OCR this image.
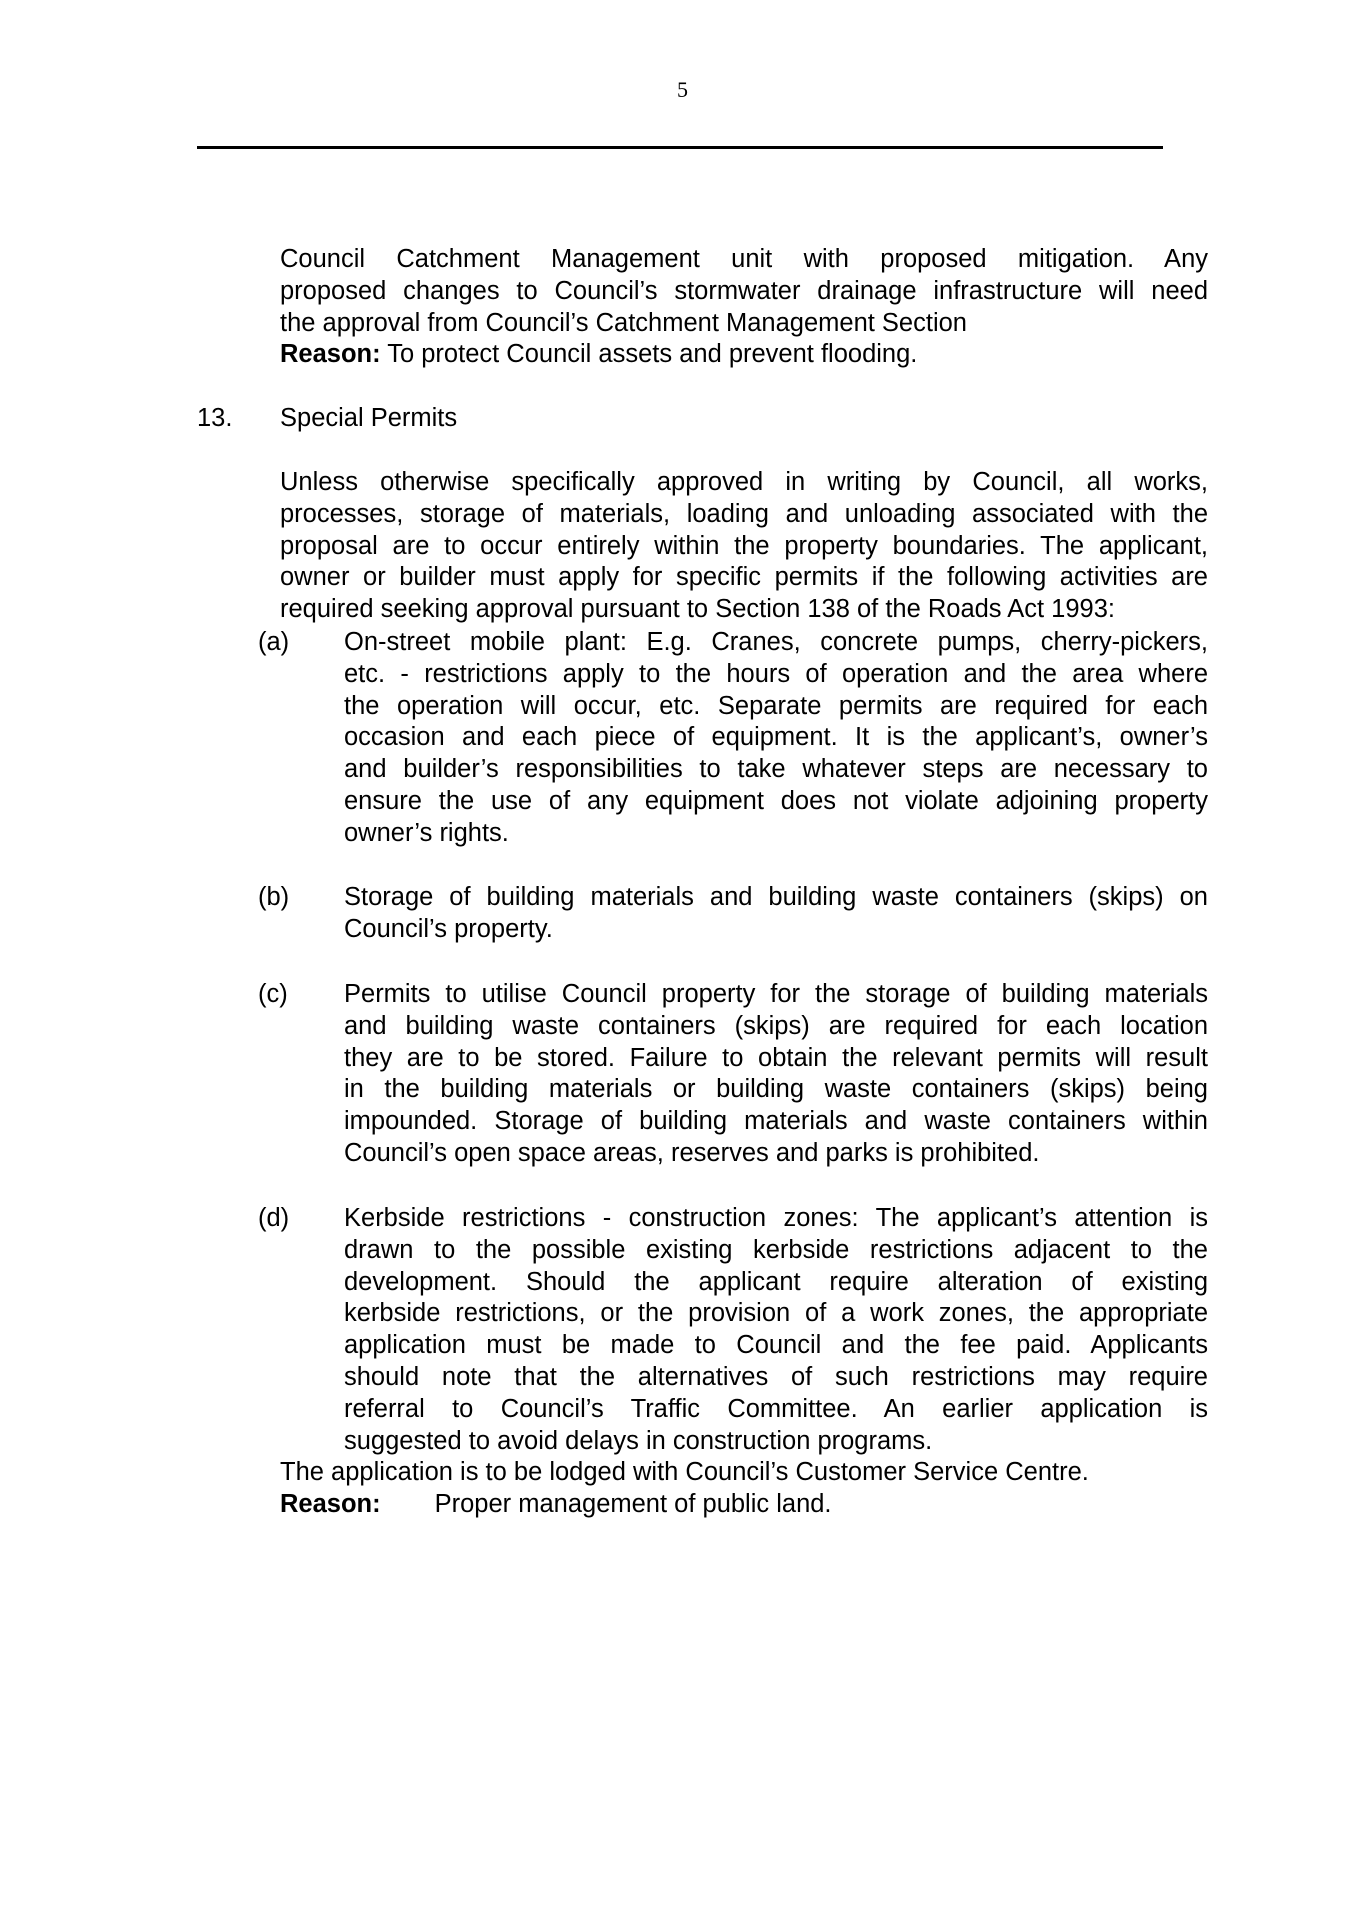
5
Council Catchment Management unit with proposed mitigation. Any
proposed changes to Council’s stormwater drainage infrastructure will need
the approval from Council’s Catchment Management Section
Reason: To protect Council assets and prevent flooding.
13. Special Permits
Unless otherwise specifically approved in writing by Council, all works,
processes, storage of materials, loading and unloading associated with the
proposal are to occur entirely within the property boundaries. The applicant,
owner or builder must apply for specific permits if the following activities are
required seeking approval pursuant to Section 138 of the Roads Act 1993:
(a) On-street mobile plant: E.g. Cranes, concrete pumps, cherry-pickers,
etc. - restrictions apply to the hours of operation and the area where
the operation will occur, etc. Separate permits are required for each
occasion and each piece of equipment. It is the applicant’s, owner’s
and builder’s responsibilities to take whatever steps are necessary to
ensure the use of any equipment does not violate adjoining property
owner’s rights.
(b) Storage of building materials and building waste containers (skips) on
Council’s property.
(c) Permits to utilise Council property for the storage of building materials
and building waste containers (skips) are required for each location
they are to be stored. Failure to obtain the relevant permits will result
in the building materials or building waste containers (skips) being
impounded. Storage of building materials and waste containers within
Council’s open space areas, reserves and parks is prohibited.
(d) Kerbside restrictions - construction zones: The applicant’s attention is
drawn to the possible existing kerbside restrictions adjacent to the
development. Should the applicant require alteration of existing
kerbside restrictions, or the provision of a work zones, the appropriate
application must be made to Council and the fee paid. Applicants
should note that the alternatives of such restrictions may require
referral to Council’s Traffic Committee. An earlier application is
suggested to avoid delays in construction programs.
The application is to be lodged with Council’s Customer Service Centre.
Reason: Proper management of public land.
